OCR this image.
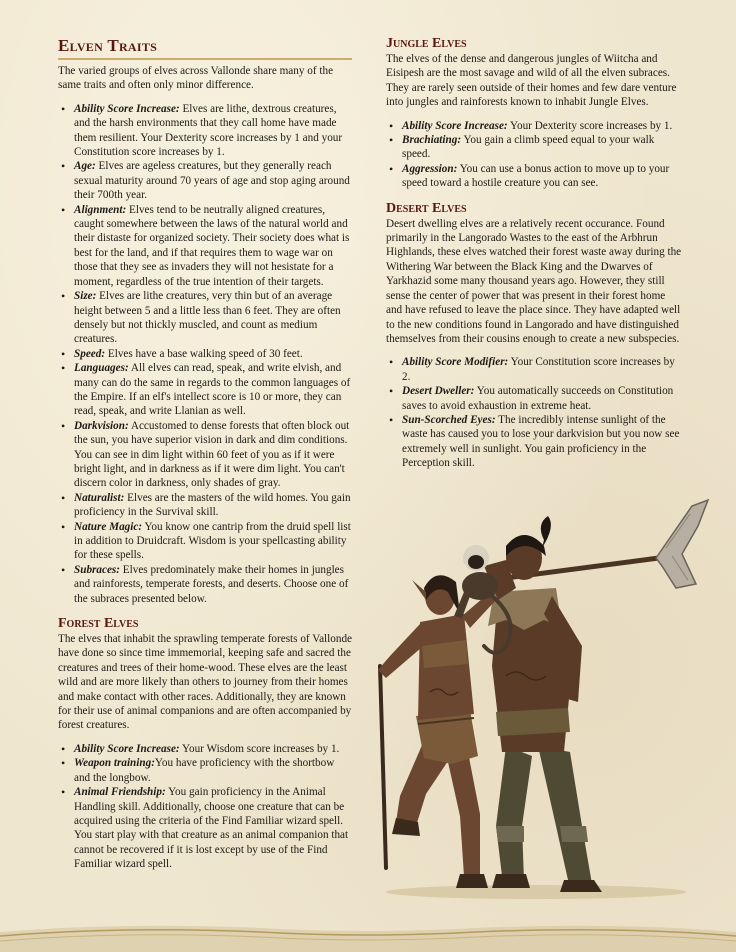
Elven Traits

The varied groups of elves across Vallonde share many of the same traits and often only minor difference.

• Ability Score Increase: Elves are lithe, dextrous creatures, and the harsh environments that they call home have made them resilient. Your Dexterity score increases by 1 and your Constitution score increases by 1.
• Age: Elves are ageless creatures, but they generally reach sexual maturity around 70 years of age and stop aging around their 700th year.
• Alignment: Elves tend to be neutrally aligned creatures, caught somewhere between the laws of the natural world and their distaste for organized society. Their society does what is best for the land, and if that requires them to wage war on those that they see as invaders they will not hesistate for a moment, regardless of the true intention of their targets.
• Size: Elves are lithe creatures, very thin but of an average height between 5 and a little less than 6 feet. They are often densely but not thickly muscled, and count as medium creatures.
• Speed: Elves have a base walking speed of 30 feet.
• Languages: All elves can read, speak, and write elvish, and many can do the same in regards to the common languages of the Empire. If an elf's intellect score is 10 or more, they can read, speak, and write Llanian as well.
• Darkvision: Accustomed to dense forests that often block out the sun, you have superior vision in dark and dim conditions. You can see in dim light within 60 feet of you as if it were bright light, and in darkness as if it were dim light. You can't discern color in darkness, only shades of gray.
• Naturalist: Elves are the masters of the wild homes. You gain proficiency in the Survival skill.
• Nature Magic: You know one cantrip from the druid spell list in addition to Druidcraft. Wisdom is your spellcasting ability for these spells.
• Subraces: Elves predominately make their homes in jungles and rainforests, temperate forests, and deserts. Choose one of the subraces presented below.
Forest Elves

The elves that inhabit the sprawling temperate forests of Vallonde have done so since time immemorial, keeping safe and sacred the creatures and trees of their home-wood. These elves are the least wild and are more likely than others to journey from their homes and make contact with other races. Additionally, they are known for their use of animal companions and are often accompanied by forest creatures.

• Ability Score Increase: Your Wisdom score increases by 1.
• Weapon training:You have proficiency with the shortbow and the longbow.
• Animal Friendship: You gain proficiency in the Animal Handling skill. Additionally, choose one creature that can be acquired using the criteria of the Find Familiar wizard spell. You start play with that creature as an animal companion that cannot be recovered if it is lost except by use of the Find Familiar wizard spell.
Jungle Elves

The elves of the dense and dangerous jungles of Wiitcha and Eisipesh are the most savage and wild of all the elven subraces. They are rarely seen outside of their homes and few dare venture into jungles and rainforests known to inhabit Jungle Elves.

• Ability Score Increase: Your Dexterity score increases by 1.
• Brachiating: You gain a climb speed equal to your walk speed.
• Aggression: You can use a bonus action to move up to your speed toward a hostile creature you can see.
Desert Elves

Desert dwelling elves are a relatively recent occurance. Found primarily in the Langorado Wastes to the east of the Arbhrun Highlands, these elves watched their forest waste away during the Withering War between the Black King and the Dwarves of Yarkhazid some many thousand years ago. However, they still sense the center of power that was present in their forest home and have refused to leave the place since. They have adapted well to the new conditions found in Langorado and have distinguished themselves from their cousins enough to create a new subspecies.

• Ability Score Modifier: Your Constitution score increases by 2.
• Desert Dweller: You automatically succeeds on Constitution saves to avoid exhaustion in extreme heat.
• Sun-Scorched Eyes: The incredibly intense sunlight of the waste has caused you to lose your darkvision but you now see extremely well in sunlight. You gain proficiency in the Perception skill.
